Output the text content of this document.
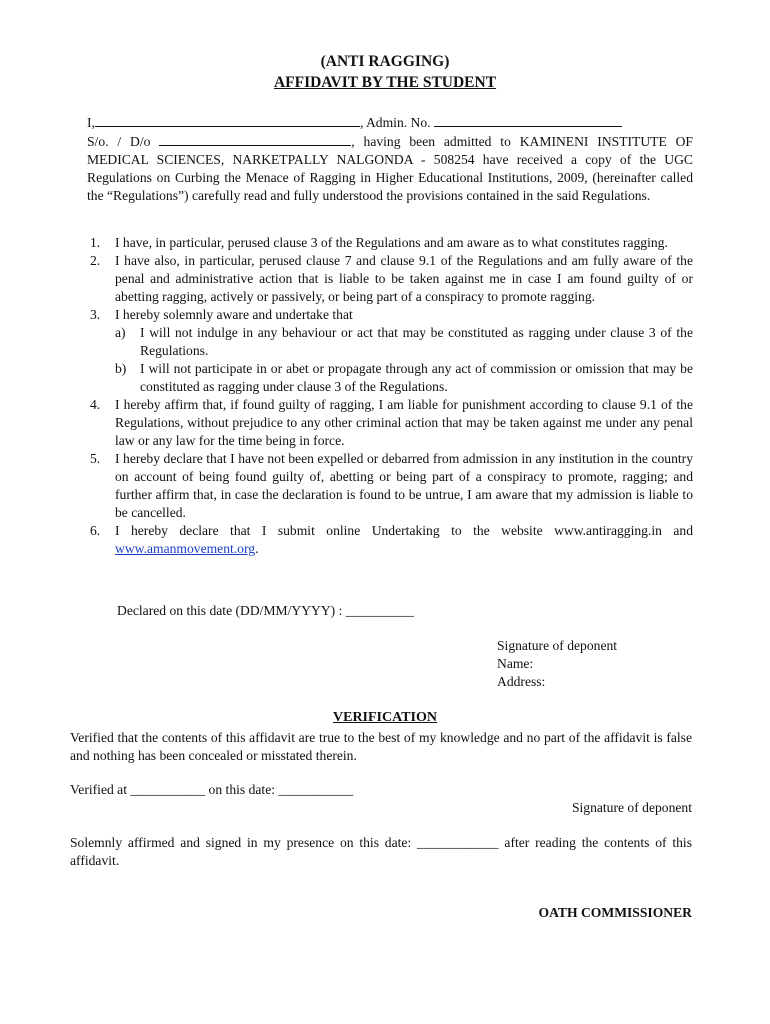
(ANTI RAGGING)
AFFIDAVIT BY THE STUDENT
I,	, Admin. No.
S/o. / D/o	, having been admitted to KAMINENI INSTITUTE OF MEDICAL SCIENCES, NARKETPALLY NALGONDA - 508254 have received a copy of the UGC Regulations on Curbing the Menace of Ragging in Higher Educational Institutions, 2009, (hereinafter called the “Regulations”) carefully read and fully understood the provisions contained in the said Regulations.
1. I have, in particular, perused clause 3 of the Regulations and am aware as to what constitutes ragging.
2. I have also, in particular, perused clause 7 and clause 9.1 of the Regulations and am fully aware of the penal and administrative action that is liable to be taken against me in case I am found guilty of or abetting ragging, actively or passively, or being part of a conspiracy to promote ragging.
3. I hereby solemnly aware and undertake that
a) I will not indulge in any behaviour or act that may be constituted as ragging under clause 3 of the Regulations.
b) I will not participate in or abet or propagate through any act of commission or omission that may be constituted as ragging under clause 3 of the Regulations.
4. I hereby affirm that, if found guilty of ragging, I am liable for punishment according to clause 9.1 of the Regulations, without prejudice to any other criminal action that may be taken against me under any penal law or any law for the time being in force.
5. I hereby declare that I have not been expelled or debarred from admission in any institution in the country on account of being found guilty of, abetting or being part of a conspiracy to promote, ragging; and further affirm that, in case the declaration is found to be untrue, I am aware that my admission is liable to be cancelled.
6. I hereby declare that I submit online Undertaking to the website www.antiragging.in and www.amanmovement.org.
Declared on this date (DD/MM/YYYY) : __________
Signature of deponent
Name:
Address:
VERIFICATION
Verified that the contents of this affidavit are true to the best of my knowledge and no part of the affidavit is false and nothing has been concealed or misstated therein.
Verified at ___________ on this date: ___________
Signature of deponent
Solemnly affirmed and signed in my presence on this date: ____________ after reading the contents of this affidavit.
OATH COMMISSIONER
